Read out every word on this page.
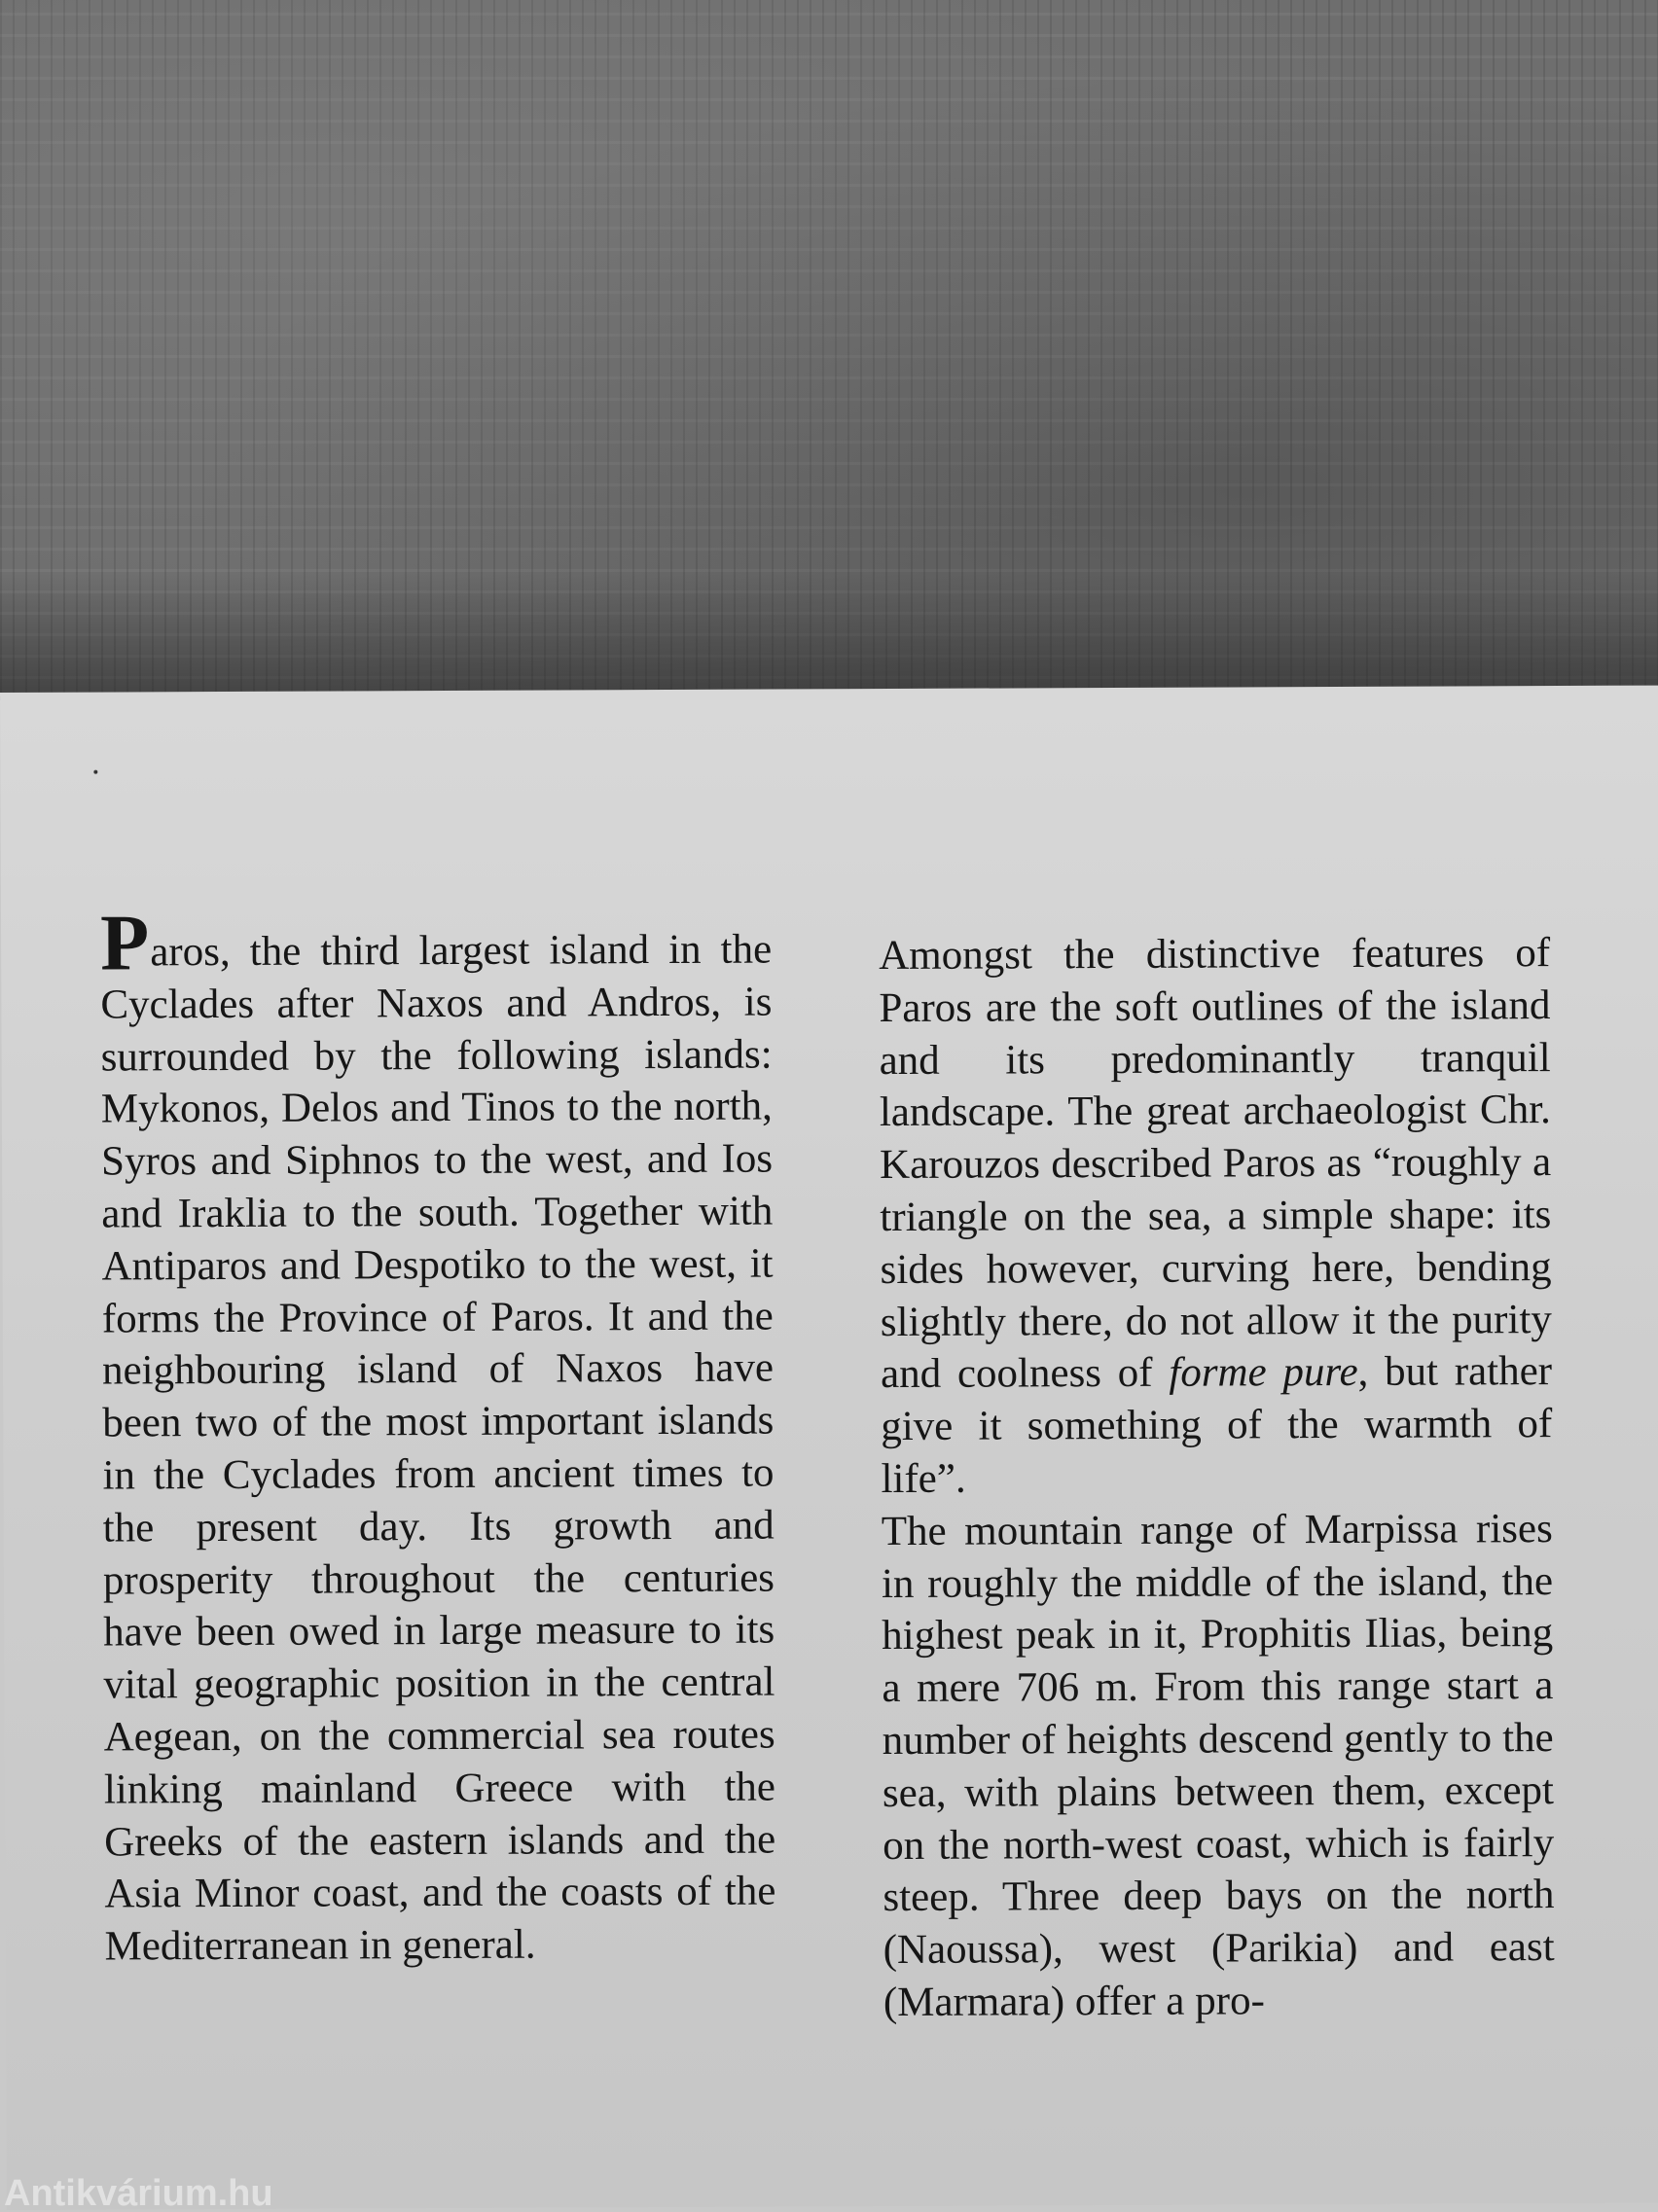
Paros, the third largest island in the Cyclades after Naxos and Andros, is surrounded by the following islands: Mykonos, Delos and Tinos to the north, Syros and Siphnos to the west, and Ios and Iraklia to the south. Together with Antiparos and Despotiko to the west, it forms the Province of Paros. It and the neighbouring island of Naxos have been two of the most important islands in the Cyclades from ancient times to the present day. Its growth and prosperity throughout the centuries have been owed in large measure to its vital geographic position in the central Aegean, on the commercial sea routes linking mainland Greece with the Greeks of the eastern islands and the Asia Minor coast, and the coasts of the Mediterranean in general.

Amongst the distinctive features of Paros are the soft outlines of the island and its predominantly tranquil landscape. The great archaeologist Chr. Karouzos described Paros as “roughly a triangle on the sea, a simple shape: its sides however, curving here, bending slightly there, do not allow it the purity and coolness of forme pure, but rather give it something of the warmth of life”.

The mountain range of Marpissa rises in roughly the middle of the island, the highest peak in it, Prophitis Ilias, being a mere 706 m. From this range start a number of heights descend gently to the sea, with plains between them, except on the north-west coast, which is fairly steep. Three deep bays on the north (Naoussa), west (Parikia) and east (Marmara) offer a pro-

Antikvárium.hu
